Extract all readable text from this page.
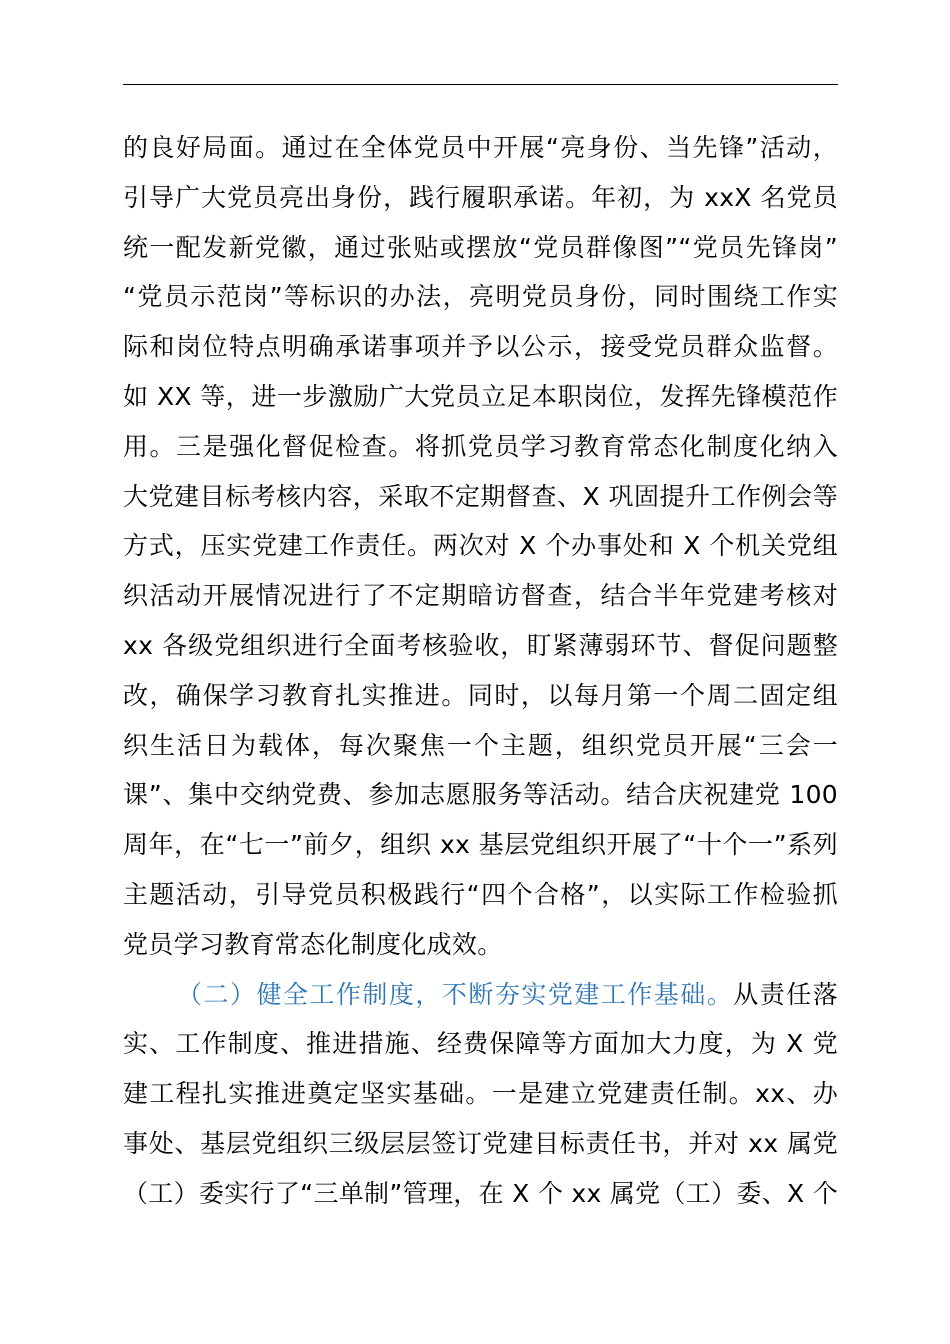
的良好局面。通过在全体党员中开展“亮身份、当先锋”活动，
引导广大党员亮出身份，践行履职承诺。年初，为 xxX 名党员
统一配发新党徽，通过张贴或摆放“党员群像图”“党员先锋岗”
“党员示范岗”等标识的办法，亮明党员身份，同时围绕工作实
际和岗位特点明确承诺事项并予以公示，接受党员群众监督。
如 XX 等，进一步激励广大党员立足本职岗位，发挥先锋模范作
用。三是强化督促检查。将抓党员学习教育常态化制度化纳入
大党建目标考核内容，采取不定期督查、X 巩固提升工作例会等
方式，压实党建工作责任。两次对 X 个办事处和 X 个机关党组
织活动开展情况进行了不定期暗访督查，结合半年党建考核对
xx 各级党组织进行全面考核验收，盯紧薄弱环节、督促问题整
改，确保学习教育扎实推进。同时，以每月第一个周二固定组
织生活日为载体，每次聚焦一个主题，组织党员开展“三会一
课”、集中交纳党费、参加志愿服务等活动。结合庆祝建党 100
周年，在“七一”前夕，组织 xx 基层党组织开展了“十个一”系列
主题活动，引导党员积极践行“四个合格”，以实际工作检验抓
党员学习教育常态化制度化成效。
（二）健全工作制度，不断夯实党建工作基础。从责任落
实、工作制度、推进措施、经费保障等方面加大力度，为 X 党
建工程扎实推进奠定坚实基础。一是建立党建责任制。xx、办
事处、基层党组织三级层层签订党建目标责任书，并对 xx 属党
（工）委实行了“三单制”管理，在 X 个 xx 属党（工）委、X 个
